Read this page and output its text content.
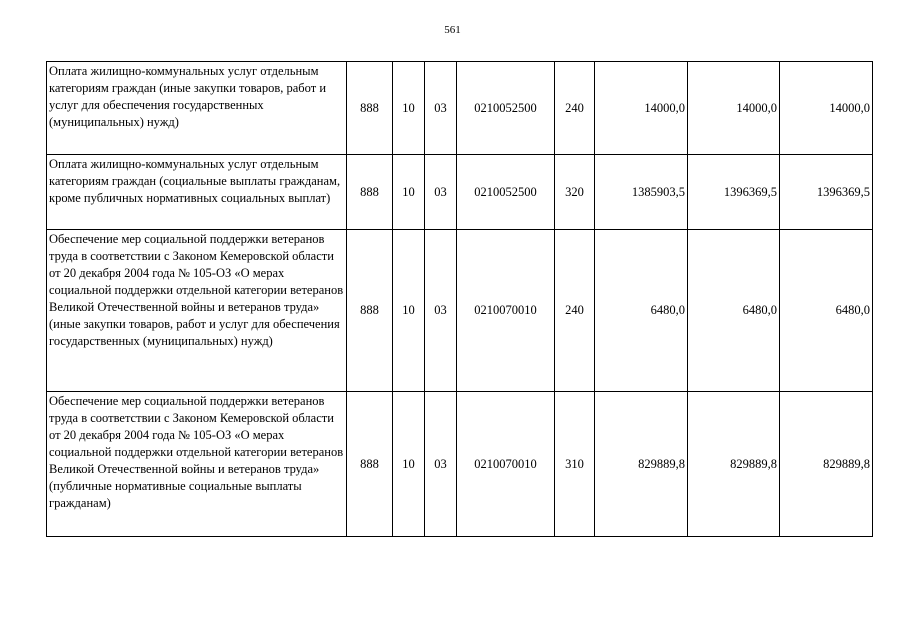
561
Оплата жилищно-коммунальных услуг отдельным категориям граждан (иные закупки товаров, работ и услуг для обеспечения государственных (муниципальных) нужд)	888	10	03	0210052500	240	14000,0	14000,0	14000,0
Оплата жилищно-коммунальных услуг отдельным категориям граждан (социальные выплаты гражданам, кроме публичных нормативных социальных выплат)	888	10	03	0210052500	320	1385903,5	1396369,5	1396369,5
Обеспечение мер социальной поддержки ветеранов труда в соответствии с Законом Кемеровской области от 20 декабря 2004 года № 105-ОЗ «О мерах социальной поддержки отдельной категории ветеранов Великой Отечественной войны и ветеранов труда» (иные закупки товаров, работ и услуг для обеспечения государственных (муниципальных) нужд)	888	10	03	0210070010	240	6480,0	6480,0	6480,0
Обеспечение мер социальной поддержки ветеранов труда в соответствии с Законом Кемеровской области от 20 декабря 2004 года № 105-ОЗ «О мерах социальной поддержки отдельной категории ветеранов Великой Отечественной войны и ветеранов труда» (публичные нормативные социальные выплаты гражданам)	888	10	03	0210070010	310	829889,8	829889,8	829889,8
